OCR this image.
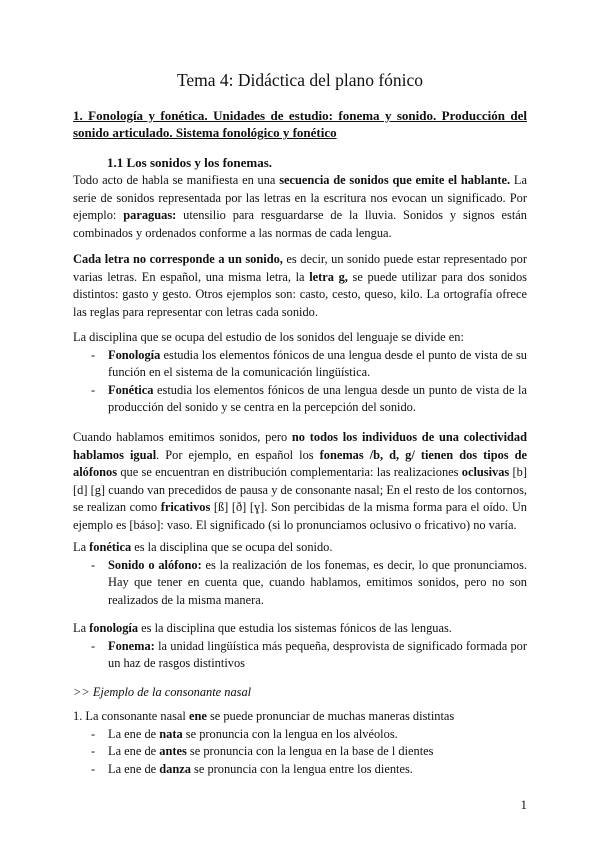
Tema 4: Didáctica del plano fónico
1. Fonología y fonética. Unidades de estudio: fonema y sonido. Producción del sonido articulado. Sistema fonológico y fonético
1.1 Los sonidos y los fonemas.

Todo acto de habla se manifiesta en una secuencia de sonidos que emite el hablante. La serie de sonidos representada por las letras en la escritura nos evocan un significado. Por ejemplo: paraguas: utensilio para resguardarse de la lluvia. Sonidos y signos están combinados y ordenados conforme a las normas de cada lengua.

Cada letra no corresponde a un sonido, es decir, un sonido puede estar representado por varias letras. En español, una misma letra, la letra g, se puede utilizar para dos sonidos distintos: gasto y gesto. Otros ejemplos son: casto, cesto, queso, kilo. La ortografía ofrece las reglas para representar con letras cada sonido.

La disciplina que se ocupa del estudio de los sonidos del lenguaje se divide en:

- Fonología estudia los elementos fónicos de una lengua desde el punto de vista de su función en el sistema de la comunicación lingüística.
- Fonética estudia los elementos fónicos de una lengua desde un punto de vista de la producción del sonido y se centra en la percepción del sonido.

Cuando hablamos emitimos sonidos, pero no todos los individuos de una colectividad hablamos igual. Por ejemplo, en español los fonemas /b, d, g/ tienen dos tipos de alófonos que se encuentran en distribución complementaria: las realizaciones oclusivas [b] [d] [g] cuando van precedidos de pausa y de consonante nasal; En el resto de los contornos, se realizan como fricativos [ß] [ð] [ɣ]. Son percibidas de la misma forma para el oído. Un ejemplo es [báso]: vaso. El significado (si lo pronunciamos oclusivo o fricativo) no varía.

La fonética es la disciplina que se ocupa del sonido.

- Sonido o alófono: es la realización de los fonemas, es decir, lo que pronunciamos. Hay que tener en cuenta que, cuando hablamos, emitimos sonidos, pero no son realizados de la misma manera.

La fonología es la disciplina que estudia los sistemas fónicos de las lenguas.

- Fonema: la unidad lingüística más pequeña, desprovista de significado formada por un haz de rasgos distintivos
>> Ejemplo de la consonante nasal

1. La consonante nasal ene se puede pronunciar de muchas maneras distintas

- La ene de nata se pronuncia con la lengua en los alvéolos.
- La ene de antes se pronuncia con la lengua en la base de l dientes
- La ene de danza se pronuncia con la lengua entre los dientes.
1
